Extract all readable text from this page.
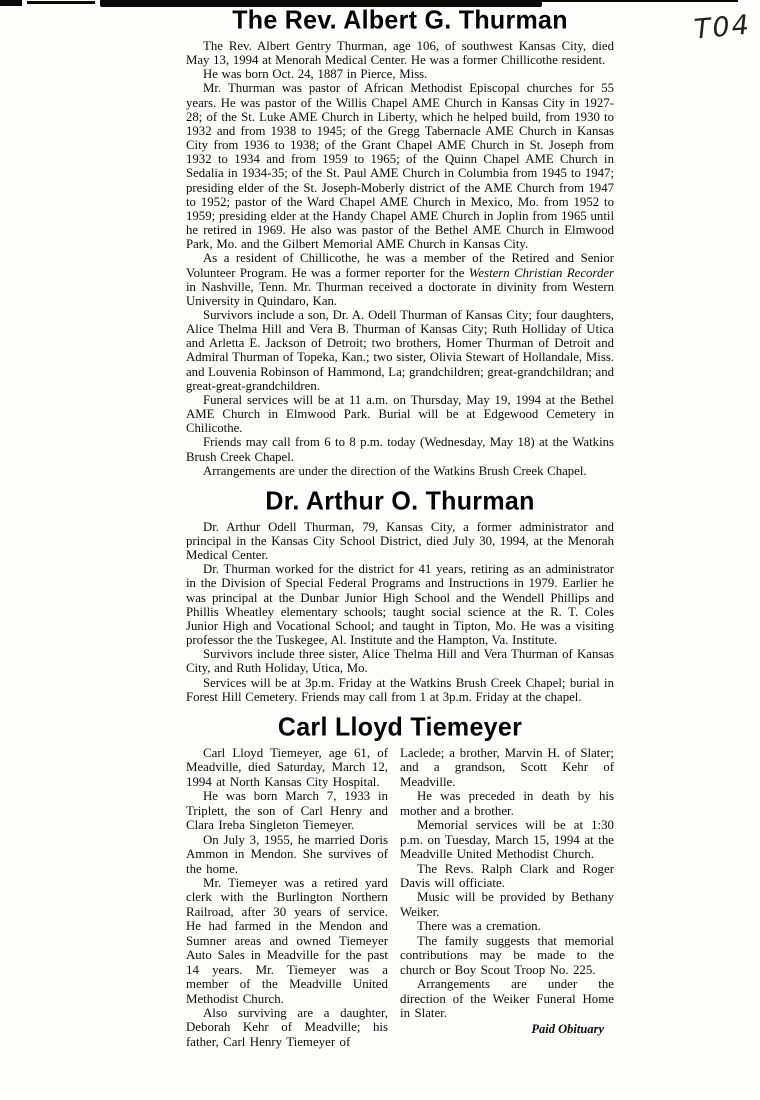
T04
The Rev. Albert G. Thurman

The Rev. Albert Gentry Thurman, age 106, of southwest Kansas City, died May 13, 1994 at Menorah Medical Center. He was a former Chillicothe resident.

He was born Oct. 24, 1887 in Pierce, Miss.

Mr. Thurman was pastor of African Methodist Episcopal churches for 55 years. He was pastor of the Willis Chapel AME Church in Kansas City in 1927-28; of the St. Luke AME Church in Liberty, which he helped build, from 1930 to 1932 and from 1938 to 1945; of the Gregg Tabernacle AME Church in Kansas City from 1936 to 1938; of the Grant Chapel AME Church in St. Joseph from 1932 to 1934 and from 1959 to 1965; of the Quinn Chapel AME Church in Sedalia in 1934-35; of the St. Paul AME Church in Columbia from 1945 to 1947; presiding elder of the St. Joseph-Moberly district of the AME Church from 1947 to 1952; pastor of the Ward Chapel AME Church in Mexico, Mo. from 1952 to 1959; presiding elder at the Handy Chapel AME Church in Joplin from 1965 until he retired in 1969. He also was pastor of the Bethel AME Church in Elmwood Park, Mo. and the Gilbert Memorial AME Church in Kansas City.

As a resident of Chillicothe, he was a member of the Retired and Senior Volunteer Program. He was a former reporter for the Western Christian Recorder in Nashville, Tenn. Mr. Thurman received a doctorate in divinity from Western University in Quindaro, Kan.

Survivors include a son, Dr. A. Odell Thurman of Kansas City; four daughters, Alice Thelma Hill and Vera B. Thurman of Kansas City; Ruth Holliday of Utica and Arletta E. Jackson of Detroit; two brothers, Homer Thurman of Detroit and Admiral Thurman of Topeka, Kan.; two sister, Olivia Stewart of Hollandale, Miss. and Louvenia Robinson of Hammond, La; grandchildren; great-grandchildran; and great-great-grandchildren.

Funeral services will be at 11 a.m. on Thursday, May 19, 1994 at the Bethel AME Church in Elmwood Park. Burial will be at Edgewood Cemetery in Chilicothe.

Friends may call from 6 to 8 p.m. today (Wednesday, May 18) at the Watkins Brush Creek Chapel.

Arrangements are under the direction of the Watkins Brush Creek Chapel.

Dr. Arthur O. Thurman

Dr. Arthur Odell Thurman, 79, Kansas City, a former administrator and principal in the Kansas City School District, died July 30, 1994, at the Menorah Medical Center.

Dr. Thurman worked for the district for 41 years, retiring as an administrator in the Division of Special Federal Programs and Instructions in 1979. Earlier he was principal at the Dunbar Junior High School and the Wendell Phillips and Phillis Wheatley elementary schools; taught social science at the R. T. Coles Junior High and Vocational School; and taught in Tipton, Mo. He was a visiting professor the the Tuskegee, Al. Institute and the Hampton, Va. Institute.

Survivors include three sister, Alice Thelma Hill and Vera Thurman of Kansas City, and Ruth Holiday, Utica, Mo.

Services will be at 3p.m. Friday at the Watkins Brush Creek Chapel; burial in Forest Hill Cemetery. Friends may call from 1 at 3p.m. Friday at the chapel.

Carl Lloyd Tiemeyer

Carl Lloyd Tiemeyer, age 61, of Meadville, died Saturday, March 12, 1994 at North Kansas City Hospital.

He was born March 7, 1933 in Triplett, the son of Carl Henry and Clara Ireba Singleton Tiemeyer.

On July 3, 1955, he married Doris Ammon in Mendon. She survives of the home.

Mr. Tiemeyer was a retired yard clerk with the Burlington Northern Railroad, after 30 years of service. He had farmed in the Mendon and Sumner areas and owned Tiemeyer Auto Sales in Meadville for the past 14 years. Mr. Tiemeyer was a member of the Meadville United Methodist Church.

Also surviving are a daughter, Deborah Kehr of Meadville; his father, Carl Henry Tiemeyer of

Laclede; a brother, Marvin H. of Slater; and a grandson, Scott Kehr of Meadville.

He was preceded in death by his mother and a brother.

Memorial services will be at 1:30 p.m. on Tuesday, March 15, 1994 at the Meadville United Methodist Church.

The Revs. Ralph Clark and Roger Davis will officiate.

Music will be provided by Bethany Weiker.

There was a cremation.

The family suggests that memorial contributions may be made to the church or Boy Scout Troop No. 225.

Arrangements are under the direction of the Weiker Funeral Home in Slater.

Paid Obituary
